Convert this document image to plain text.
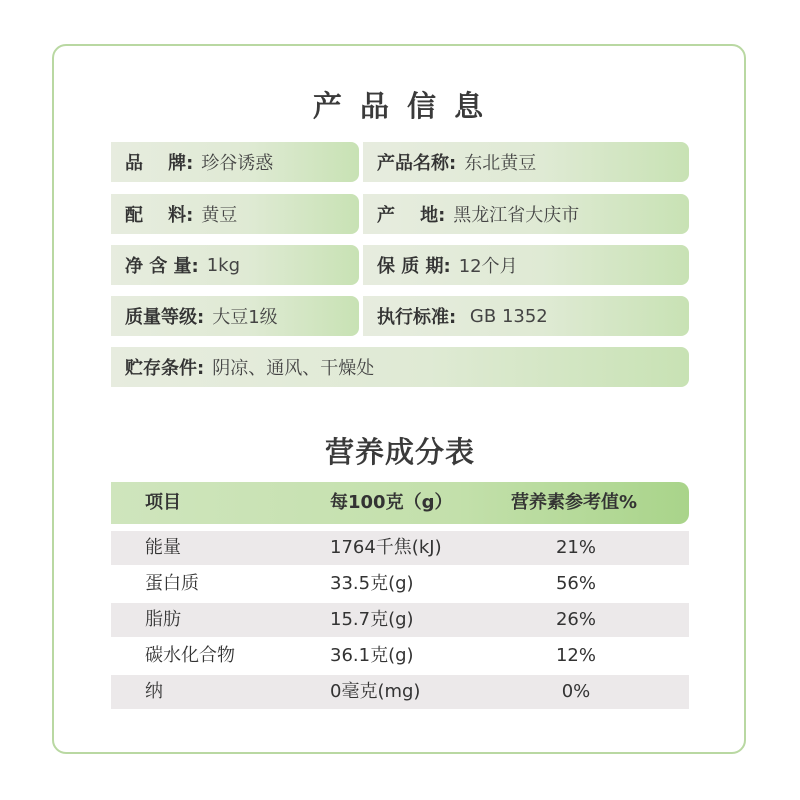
产 品 信 息
品    牌: 珍谷诱惑	产品名称: 东北黄豆
配    料: 黄豆	产    地: 黑龙江省大庆市
净 含 量: 1kg	保 质 期: 12个月
质量等级: 大豆1级	执行标准: GB 1352
贮存条件: 阴凉、通风、干燥处
营养成分表
项目	每100克（g）	营养素参考值%
能量	1764千焦(kJ)	21%
蛋白质	33.5克(g)	56%
脂肪	15.7克(g)	26%
碳水化合物	36.1克(g)	12%
纳	0毫克(mg)	0%
